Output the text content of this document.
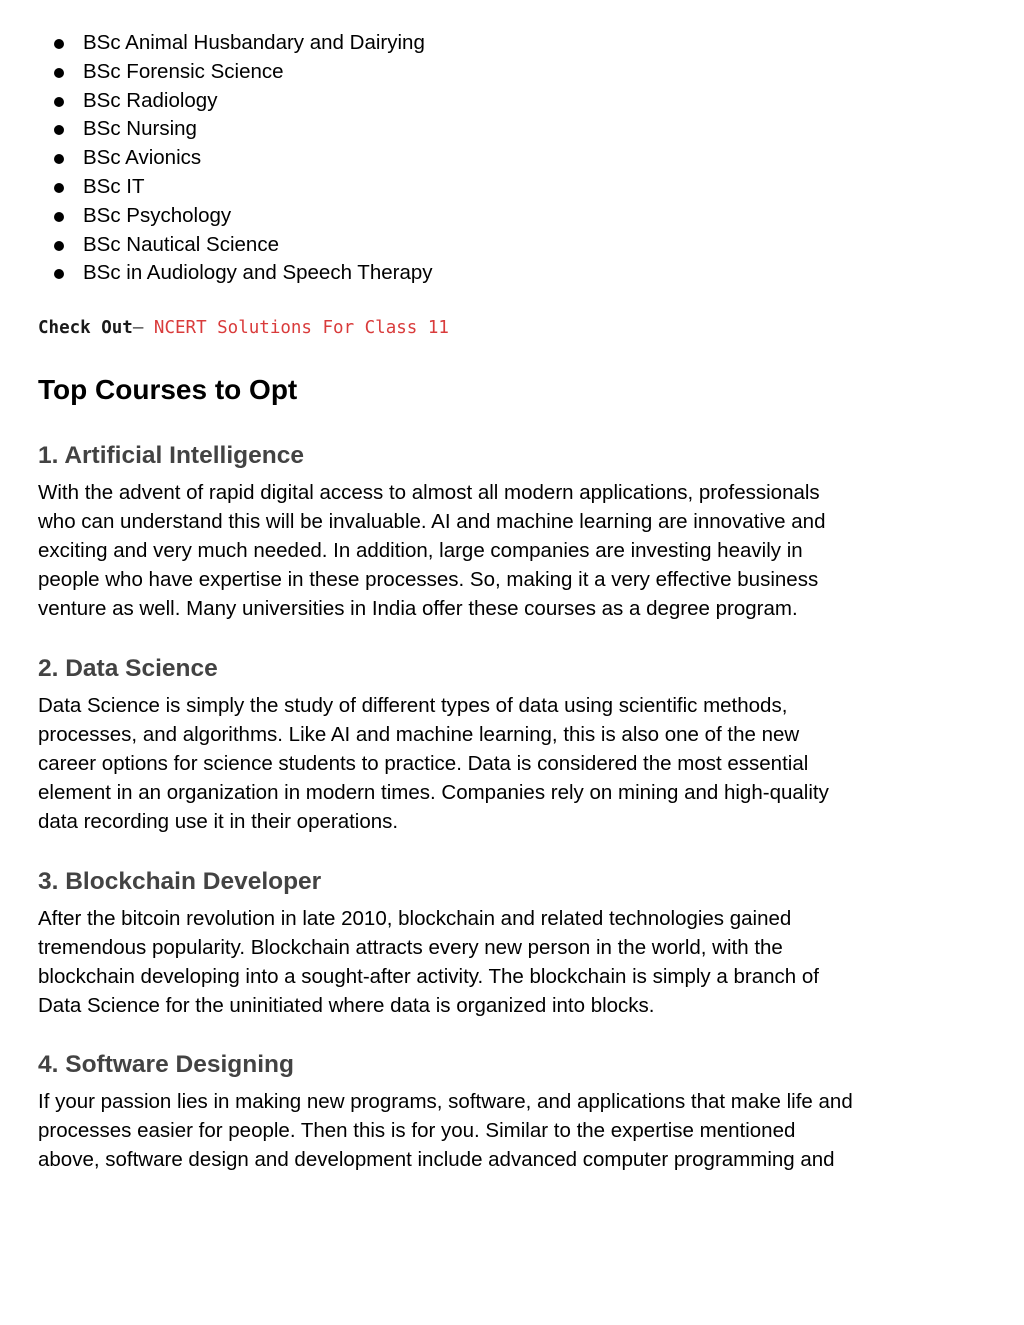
BSc Animal Husbandary and Dairying
BSc Forensic Science
BSc Radiology
BSc Nursing
BSc Avionics
BSc IT
BSc Psychology
BSc Nautical Science
BSc in Audiology and Speech Therapy
Check Out– NCERT Solutions For Class 11
Top Courses to Opt
1. Artificial Intelligence

With the advent of rapid digital access to almost all modern applications, professionals
who can understand this will be invaluable. AI and machine learning are innovative and
exciting and very much needed. In addition, large companies are investing heavily in
people who have expertise in these processes. So, making it a very effective business
venture as well. Many universities in India offer these courses as a degree program.

2. Data Science

Data Science is simply the study of different types of data using scientific methods,
processes, and algorithms. Like AI and machine learning, this is also one of the new
career options for science students to practice. Data is considered the most essential
element in an organization in modern times. Companies rely on mining and high-quality
data recording use it in their operations.

3. Blockchain Developer

After the bitcoin revolution in late 2010, blockchain and related technologies gained
tremendous popularity. Blockchain attracts every new person in the world, with the
blockchain developing into a sought-after activity. The blockchain is simply a branch of
Data Science for the uninitiated where data is organized into blocks.

4. Software Designing

If your passion lies in making new programs, software, and applications that make life and
processes easier for people. Then this is for you. Similar to the expertise mentioned
above, software design and development include advanced computer programming and
